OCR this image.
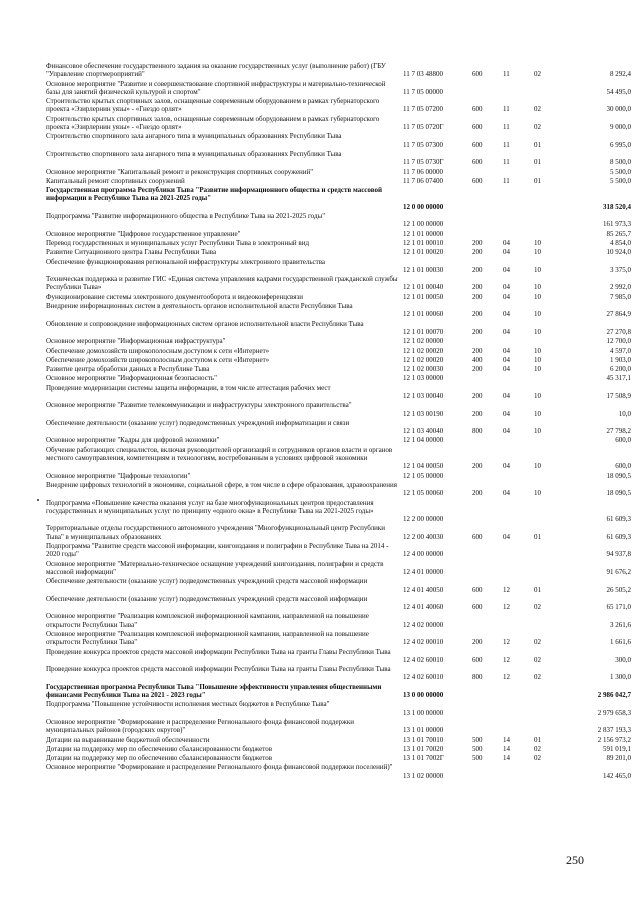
Финансовое обеспечение государственного задания на оказание государственных услуг (выполнение работ) (ГБУ "Управление спортмероприятий"	11 7 03 48800	600	11	02	8 292,4
Основное мероприятие "Развитие и совершенствование спортивной инфраструктуры и материально-технической базы для занятий физической культурой и спортом"	11 7 05 00000	54 495,0
Строительство крытых спортивных залов, оснащенные современным оборудованием в рамках губернаторского проекта «Эзирлернин уязы» - «Гнездо орлят»	11 7 05 07200	600	11	02	30 000,0
Строительство крытых спортивных залов, оснащенные современным оборудованием в рамках губернаторского проекта «Эзирлернин уязы» - «Гнездо орлят»	11 7 05 0720Г	600	11	02	9 000,0
Строительство спортивного зала ангарного типа в муниципальных образованиях Республики Тыва
11 7 05 07300	600	11	01	6 995,0
Строительство спортивного зала ангарного типа в муниципальных образованиях Республики Тыва
11 7 05 0730Г	600	11	01	8 500,0
Основное мероприятие "Капитальный ремонт и реконструкция спортивных сооружений"	11 7 06 00000	5 500,0
Капитальный ремонт спортивных сооружений	11 7 06 07400	600	11	01	5 500,0
Государственная программа Республики Тыва "Развитие информационного общества и средств массовой информации в Республике Тыва на 2021-2025 годы"
12 0 00 00000	318 520,4
Подпрограмма "Развитие информационного общества в Республике Тыва на 2021-2025 годы"
12 1 00 00000	161 973,3
Основное мероприятие "Цифровое государственное управление"	12 1 01 00000	85 265,7
Перевод государственных и муниципальных услуг Республики Тыва в электронный вид	12 1 01 00010	200	04	10	4 854,0
Развитие Ситуационного центра Главы Республики Тыва	12 1 01 00020	200	04	10	10 924,0
Обеспечение функционирования региональной инфраструктуры электронного правительства
12 1 01 00030	200	04	10	3 375,0
Техническая поддержка и развитие ГИС «Единая система управления кадрами государственной гражданской службы Республики Тыва»	12 1 01 00040	200	04	10	2 992,0
Функционирование системы электронного документооборота и видеоконференцсвязи	12 1 01 00050	200	04	10	7 985,0
Внедрение информационных систем в деятельность органов исполнительной власти Республики Тыва
12 1 01 00060	200	04	10	27 864,9
Обновление и сопровождение информационных систем органов исполнительной власти Республики Тыва
12 1 01 00070	200	04	10	27 270,8
Основное мероприятие "Информационная инфраструктура"	12 1 02 00000	12 700,0
Обеспечение домохозяйств широкополосным доступом к сети «Интернет»	12 1 02 00020	200	04	10	4 597,0
Обеспечение домохозяйств широкополосным доступом к сети «Интернет»	12 1 02 00020	400	04	10	1 903,0
Развитие центра обработки данных в Республике Тыва	12 1 02 00030	200	04	10	6 200,0
Основное мероприятие "Информационная безопасность"	12 1 03 00000	45 317,1
Проведение модернизации системы защиты информации, в том числе аттестация рабочих мест
12 1 03 00040	200	04	10	17 508,9
Основное мероприятие "Развитие телекоммуникации и инфраструктуры электронного правительства"
12 1 03 00190	200	04	10	10,0
Обеспечение деятельности (оказание услуг) подведомственных учреждений информатизации и связи
12 1 03 40040	800	04	10	27 798,2
Основное мероприятие "Кадры для цифровой экономики"	12 1 04 00000	600,0
Обучение работающих специалистов, включая руководителей организаций и сотрудников органов власти и органов местного самоуправления, компетенциям и технологиям, востребованным в условиях цифровой экономики
12 1 04 00050	200	04	10	600,0
Основное мероприятие "Цифровые технологии"	12 1 05 00000	18 090,5
Внедрение цифровых технологий в экономике, социальной сфере, в том числе в сфере образования, здравоохранения
12 1 05 00060	200	04	10	18 090,5
Подпрограмма «Повышение качества оказания услуг на базе многофункциональных центров предоставления государственных и муниципальных услуг по принципу «одного окна» в Республике Тыва на 2021-2025 годы»
12 2 00 00000	61 609,3
Территориальные отделы государственного автономного учреждения "Многофункциональный центр Республики Тыва" в муниципальных образованиях	12 2 00 40030	600	04	01	61 609,3
Подпрограмма "Развитие средств массовой информации, книгоиздания и полиграфии в Республике Тыва на 2014 - 2020 годы"	12 4 00 00000	94 937,8
Основное мероприятие "Материально-техническое оснащение учреждений книгоиздания, полиграфии и средств массовой информации"	12 4 01 00000	91 676,2
Обеспечение деятельности (оказание услуг) подведомственных учреждений средств массовой информации
12 4 01 40050	600	12	01	26 505,2
Обеспечение деятельности (оказание услуг) подведомственных учреждений средств массовой информации
12 4 01 40060	600	12	02	65 171,0
Основное мероприятие "Реализация комплексной информационной кампании, направленной на повышение открытости Республики Тыва"	12 4 02 00000	3 261,6
Основное мероприятие "Реализация комплексной информационной кампании, направленной на повышение открытости Республики Тыва"	12 4 02 00010	200	12	02	1 661,6
Проведение конкурса проектов средств массовой информации Республики Тыва на гранты Главы Республики Тыва
12 4 02 60010	600	12	02	300,0
Проведение конкурса проектов средств массовой информации Республики Тыва на гранты Главы Республики Тыва
12 4 02 60010	800	12	02	1 300,0
Государственная программа Республики Тыва "Повышение эффективности управления общественными финансами Республики Тыва на 2021 - 2023 годы"	13 0 00 00000	2 986 042,7
Подпрограмма "Повышение устойчивости исполнения местных бюджетов в Республике Тыва"
13 1 00 00000	2 979 658,3
Основное мероприятие "Формирование и распределение Регионального фонда финансовой поддержки муниципальных районов (городских округов)"	13 1 01 00000	2 837 193,3
Дотации на выравнивание бюджетной обеспеченности	13 1 01 70010	500	14	01	2 156 973,2
Дотации на поддержку мер по обеспечению сбалансированности бюджетов	13 1 01 70020	500	14	02	591 019,1
Дотации на поддержку мер по обеспечению сбалансированности бюджетов	13 1 01 7002Г	500	14	02	89 201,0
Основное мероприятие "Формирование и распределение Регионального фонда финансовой поддержки поселений)"
13 1 02 00000	142 465,0
250
